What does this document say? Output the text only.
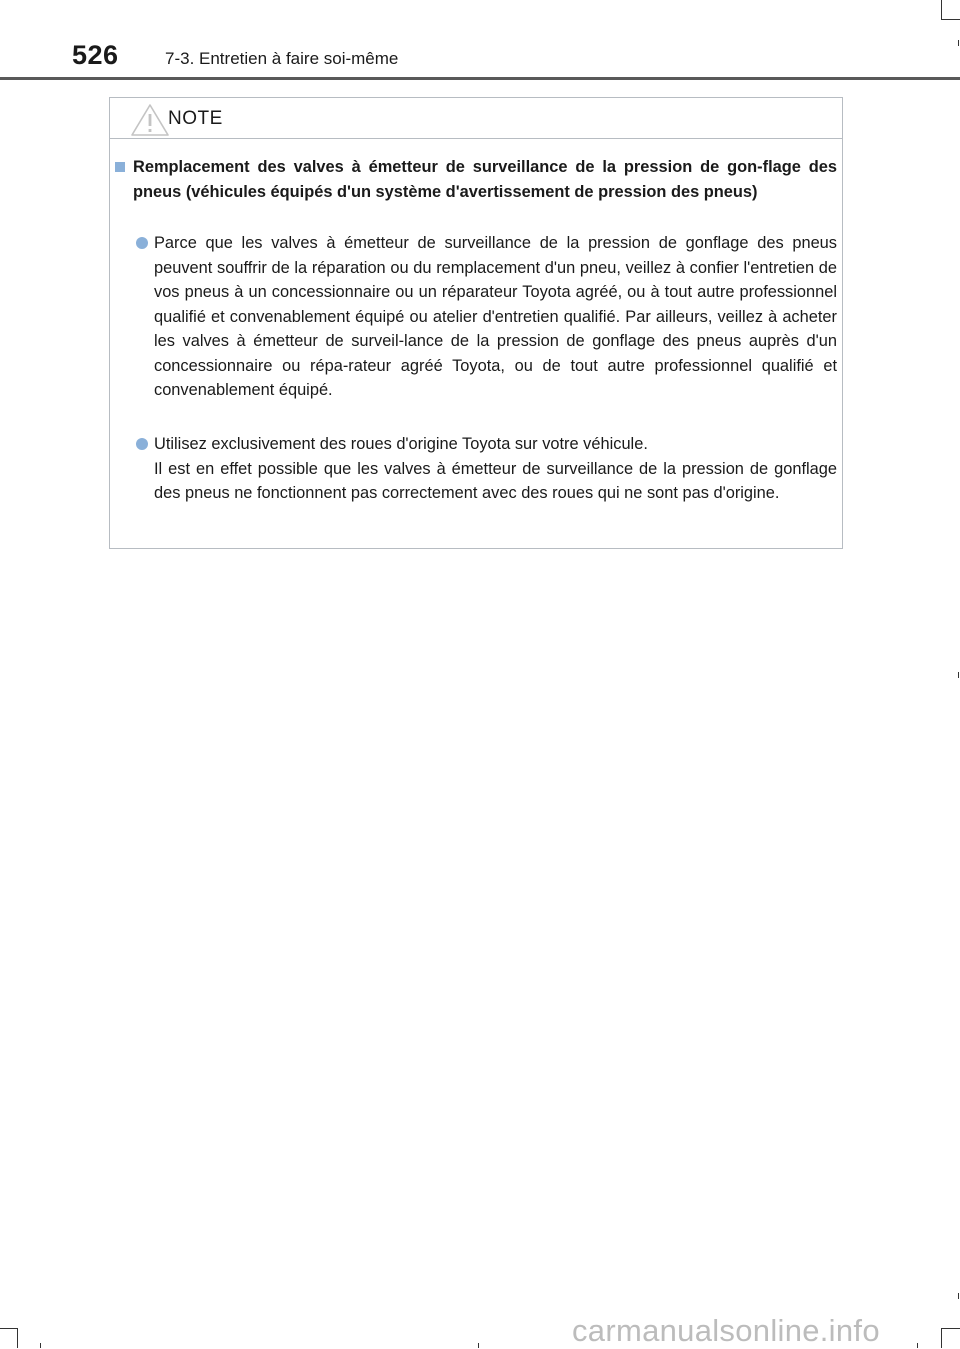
526	7-3. Entretien à faire soi-même
NOTE
Remplacement des valves à émetteur de surveillance de la pression de gon-flage des pneus (véhicules équipés d'un système d'avertissement de pression des pneus)
Parce que les valves à émetteur de surveillance de la pression de gonflage des pneus peuvent souffrir de la réparation ou du remplacement d'un pneu, veillez à confier l'entretien de vos pneus à un concessionnaire ou un réparateur Toyota agréé, ou à tout autre professionnel qualifié et convenablement équipé ou atelier d'entretien qualifié. Par ailleurs, veillez à acheter les valves à émetteur de surveil-lance de la pression de gonflage des pneus auprès d'un concessionnaire ou répa-rateur agréé Toyota, ou de tout autre professionnel qualifié et convenablement équipé.
Utilisez exclusivement des roues d'origine Toyota sur votre véhicule.
Il est en effet possible que les valves à émetteur de surveillance de la pression de gonflage des pneus ne fonctionnent pas correctement avec des roues qui ne sont pas d'origine.
carmanualsonline.info
